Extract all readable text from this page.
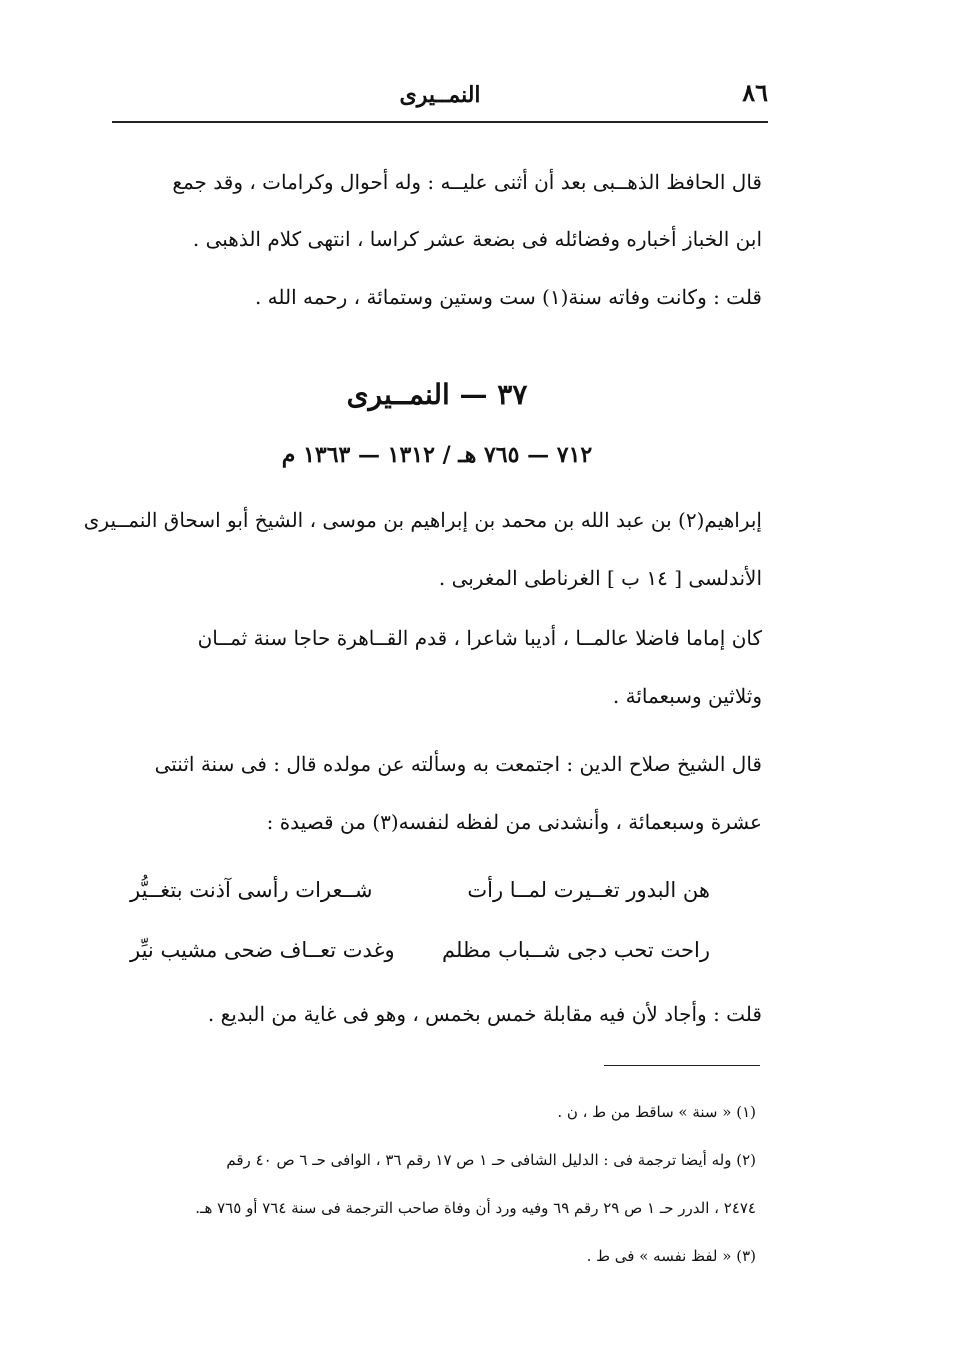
٨٦
النمــيرى
قال الحافظ الذهــبى بعد أن أثنى عليــه : وله أحوال وكرامات ، وقد جمع
ابن الخباز أخباره وفضائله فى بضعة عشر كراسا ، انتهى كلام الذهبى .
قلت : وكانت وفاته سنة(١) ست وستين وستمائة ، رحمه الله .
٣٧ — النمــيرى
٧١٢ — ٧٦٥ هـ / ١٣١٢ — ١٣٦٣ م
إبراهيم(٢) بن عبد الله بن محمد بن إبراهيم بن موسى ، الشيخ أبو اسحاق النمــيرى
الأندلسى [ ١٤ ب ] الغرناطى المغربى .
كان إماما فاضلا عالمــا ، أديبا شاعرا ، قدم القــاهرة حاجا سنة ثمــان
وثلاثين وسبعمائة .
قال الشيخ صلاح الدين : اجتمعت به وسألته عن مولده قال : فى سنة اثنتى
عشرة وسبعمائة ، وأنشدنى من لفظه لنفسه(٣) من قصيدة :
هن البدور تغــيرت لمــا رأت
شــعرات رأسى آذنت بتغــيُّر
راحت تحب دجى شــباب مظلم
وغدت تعــاف ضحى مشيب نيِّر
قلت : وأجاد لأن فيه مقابلة خمس بخمس ، وهو فى غاية من البديع .
(١) « سنة » ساقط من ط ، ن .
(٢) وله أيضا ترجمة فى : الدليل الشافى حـ ١ ص ١٧ رقم ٣٦ ، الوافى حـ ٦ ص ٤٠ رقم
٢٤٧٤ ، الدرر حـ ١ ص ٢٩ رقم ٦٩ وفيه ورد أن وفاة صاحب الترجمة فى سنة ٧٦٤ أو ٧٦٥ هـ.
(٣) « لفظ نفسه » فى ط .
